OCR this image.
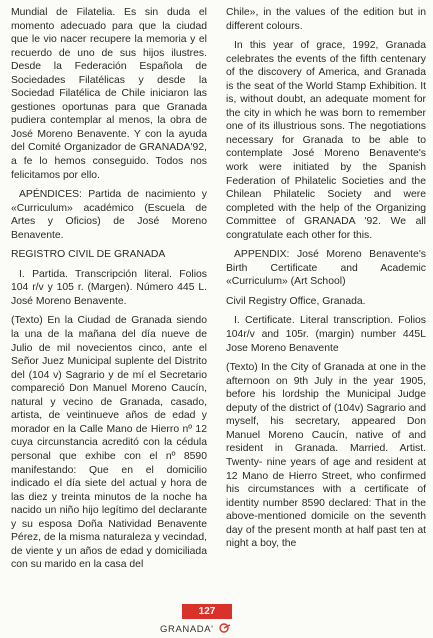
Mundial de Filatelia. Es sin duda el momento adecuado para que la ciudad que le vio nacer recupere la memoria y el recuerdo de uno de sus hijos ilustres. Desde la Federación Española de Sociedades Filatélicas y desde la Sociedad Filatélica de Chile iniciaron las gestiones oportunas para que Granada pudiera contemplar al menos, la obra de José Moreno Benavente. Y con la ayuda del Comité Organizador de GRANADA'92, a fe lo hemos conseguido. Todos nos felicitamos por ello.

APÉNDICES: Partida de nacimiento y «Curriculum» académico (Escuela de Artes y Oficios) de José Moreno Benavente.

REGISTRO CIVIL DE GRANADA

I. Partida. Transcripción literal. Folios 104 r/v y 105 r. (Margen). Número 445 L. José Moreno Benavente.

(Texto) En la Ciudad de Granada siendo la una de la mañana del día nueve de Julio de mil novecientos cinco, ante el Señor Juez Municipal suplente del Distrito del (104 v) Sagrario y de mí el Secretario compareció Don Manuel Moreno Caucín, natural y vecino de Granada, casado, artista, de veintinueve años de edad y morador en la Calle Mano de Hierro nº 12 cuya circunstancia acreditó con la cédula personal que exhibe con el nº 8590 manifestando: Que en el domicilio indicado el día siete del actual y hora de las diez y treinta minutos de la noche ha nacido un niño hijo legítimo del declarante y su esposa Doña Natividad Benavente Pérez, de la misma naturaleza y vecindad, de viente y un años de edad y domiciliada con su marido en la casa del

Chile», in the values of the edition but in different colours.

In this year of grace, 1992, Granada celebrates the events of the fifth centenary of the discovery of America, and Granada is the seat of the World Stamp Exhibition. It is, without doubt, an adequate moment for the city in which he was born to remember one of its illustrious sons. The negotiations necessary for Granada to be able to contemplate José Moreno Benavente's work were initiated by the Spanish Federation of Philatelic Societies and the Chilean Philatelic Society and were completed with the help of the Organizing Committee of GRANADA '92. We all congratulate each other for this.

APPENDIX: José Moreno Benavente's Birth Certificate and Academic «Curriculum» (Art School)

Civil Registry Office, Granada.

I. Certificate. Literal transcription. Folios 104r/v and 105r. (margin) number 445L Jose Moreno Benavente

(Texto) In the City of Granada at one in the afternoon on 9th July in the year 1905, before his lordship the Municipal Judge deputy of the district of (104v) Sagrario and myself, his secretary, appeared Don Manuel Moreno Caucín, native of and resident in Granada. Married. Artist. Twenty- nine years of age and resident at 12 Mano de Hierro Street, who confirmed his circumstances with a certificate of identity number 8590 declared: That in the above-mentioned domicile on the seventh day of the present month at half past ten at night a boy, the

127
GRANADA'
